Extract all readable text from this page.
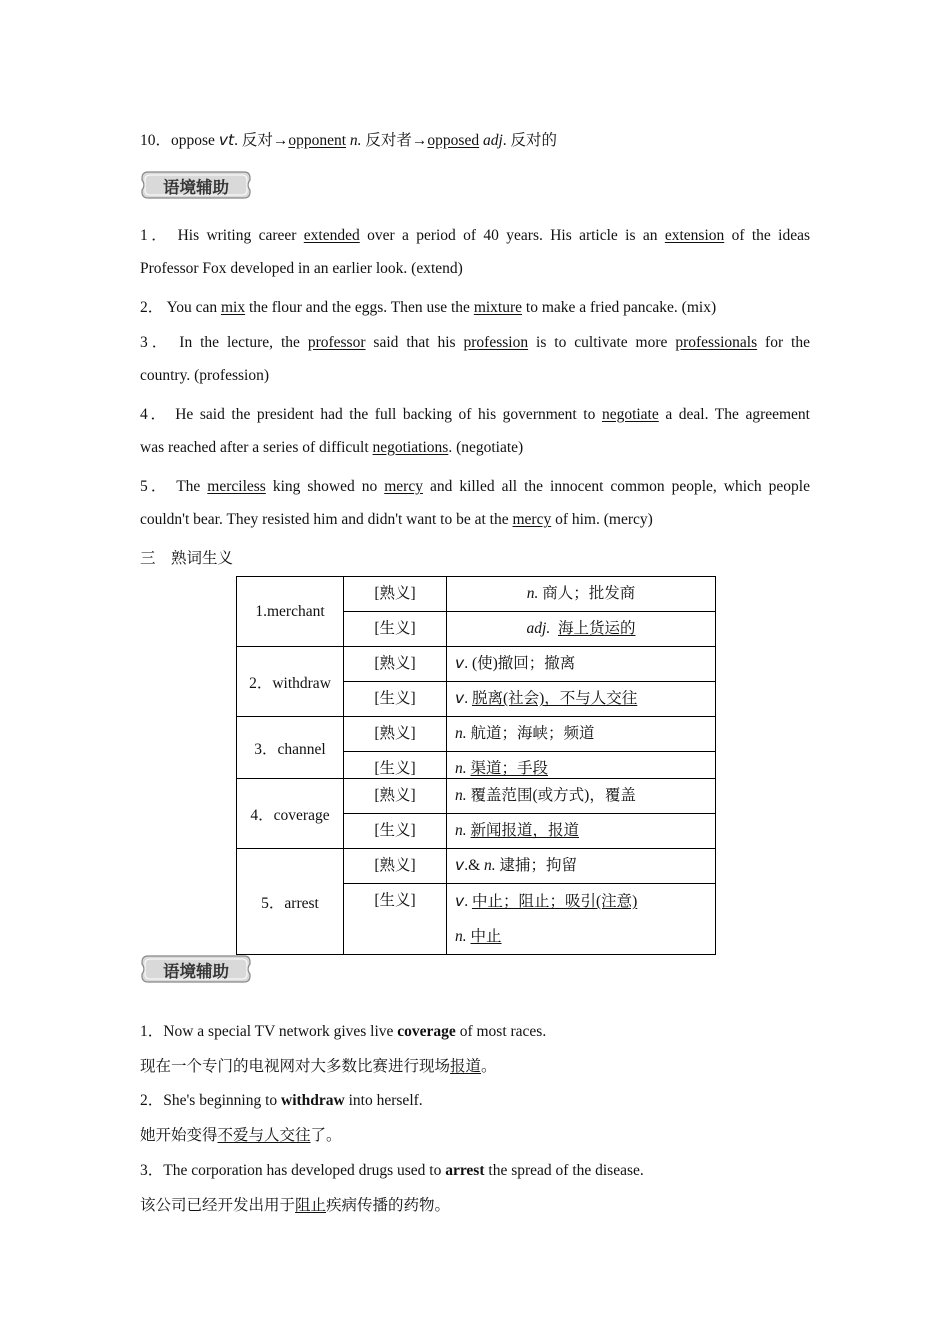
10．oppose vt. 反对→opponent n. 反对者→opposed adj. 反对的
语境辅助
1． His writing career extended over a period of 40 years. His article is an extension of the ideas
Professor Fox developed in an earlier look. (extend)
2． You can mix the flour and the eggs. Then use the mixture to make a fried pancake. (mix)
3． In the lecture, the professor said that his profession is to cultivate more professionals for the
country. (profession)
4． He said the president had the full backing of his government to negotiate a deal. The agreement
was reached after a series of difficult negotiations. (negotiate)
5． The merciless king showed no mercy and killed all the innocent common people, which people
couldn't bear. They resisted him and didn't want to be at the mercy of him. (mercy)
三　熟词生义
1.merchant	[熟义]	n. 商人；批发商
	[生义]	adj. 海上货运的
2．withdraw	[熟义]	v. (使)撤回；撤离
	[生义]	v. 脱离(社会)，不与人交往
3．channel	[熟义]	n. 航道；海峡；频道
	[生义]	n. 渠道；手段
4．coverage	[熟义]	n. 覆盖范围(或方式)，覆盖
	[生义]	n. 新闻报道，报道
5．arrest	[熟义]	v.& n. 逮捕；拘留
	[生义]	v. 中止；阻止；吸引(注意)
n. 中止
语境辅助
1．Now a special TV network gives live coverage of most races.
现在一个专门的电视网对大多数比赛进行现场报道。
2．She's beginning to withdraw into herself.
她开始变得不爱与人交往了。
3．The corporation has developed drugs used to arrest the spread of the disease.
该公司已经开发出用于阻止疾病传播的药物。
